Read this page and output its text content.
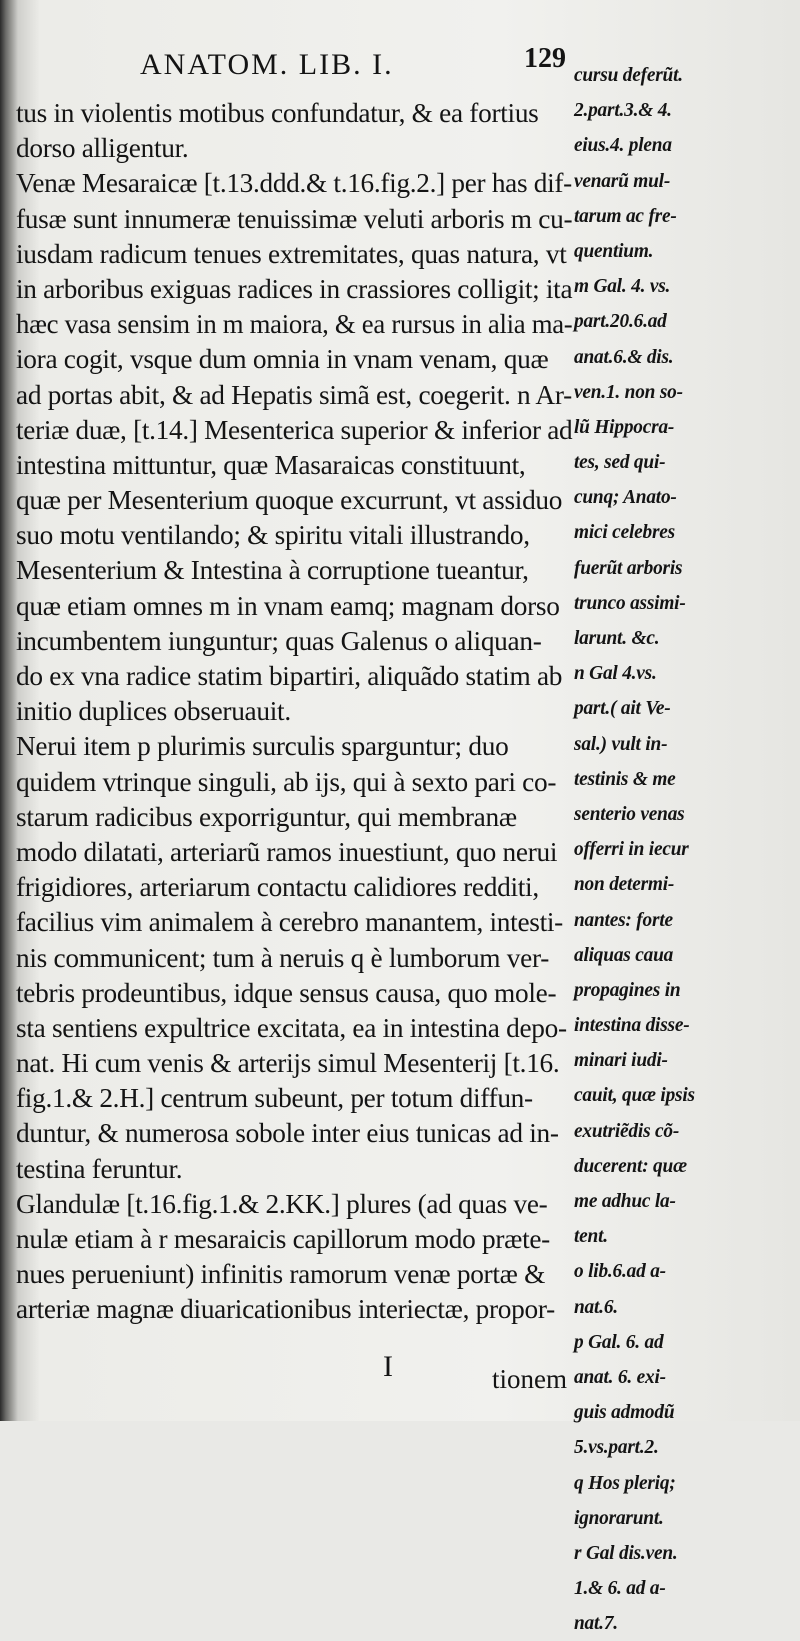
ANATOM. LIB. I.	129
tus in violentis motibus confundatur, & ea fortius
dorso alligentur.
Venæ Mesaraicæ [t.13.ddd.& t.16.fig.2.] per has dif-
fusæ sunt innumeræ tenuissimæ veluti arboris m cu-
iusdam radicum tenues extremitates, quas natura, vt
in arboribus exiguas radices in crassiores colligit; ita
hæc vasa sensim in m maiora, & ea rursus in alia ma-
iora cogit, vsque dum omnia in vnam venam, quæ
ad portas abit, & ad Hepatis simã est, coegerit. n Ar-
teriæ duæ, [t.14.] Mesenterica superior & inferior ad
intestina mittuntur, quæ Masaraicas constituunt,
quæ per Mesenterium quoque excurrunt, vt assiduo
suo motu ventilando; & spiritu vitali illustrando,
Mesenterium & Intestina à corruptione tueantur,
quæ etiam omnes m in vnam eamq; magnam dorso
incumbentem iunguntur; quas Galenus o aliquan-
do ex vna radice statim bipartiri, aliquãdo statim ab
initio duplices obseruauit.
Nerui item p plurimis surculis sparguntur; duo
quidem vtrinque singuli, ab ijs, qui à sexto pari co-
starum radicibus exporriguntur, qui membranæ
modo dilatati, arteriarũ ramos inuestiunt, quo nerui
frigidiores, arteriarum contactu calidiores redditi,
facilius vim animalem à cerebro manantem, intesti-
nis communicent; tum à neruis q è lumborum ver-
tebris prodeuntibus, idque sensus causa, quo mole-
sta sentiens expultrice excitata, ea in intestina depo-
nat. Hi cum venis & arterijs simul Mesenterij [t.16.
fig.1.& 2.H.] centrum subeunt, per totum diffun-
duntur, & numerosa sobole inter eius tunicas ad in-
testina feruntur.
Glandulæ [t.16.fig.1.& 2.KK.] plures (ad quas ve-
nulæ etiam à r mesaraicis capillorum modo præte-
nues perueniunt) infinitis ramorum venæ portæ &
arteriæ magnæ diuaricationibus interiectæ, propor-
cursu deferũt.
2.part.3.& 4.
eius.4. plena
venarũ mul-
tarum ac fre-
quentium.
m Gal. 4. vs.
part.20.6.ad
anat.6.& dis.
ven.1. non so-
lũ Hippocra-
tes, sed qui-
cunq; Anato-
mici celebres
fuerũt arboris
trunco assimi-
larunt. &c.
n Gal 4.vs.
part.( ait Ve-
sal.) vult in-
testinis & me
senterio venas
offerri in iecur
non determi-
nantes: forte
aliquas caua
propagines in
intestina disse-
minari iudi-
cauit, quæ ipsis
exutriẽdis cõ-
ducerent: quæ
me adhuc la-
tent.
o lib.6.ad a-
nat.6.
p Gal. 6. ad
anat. 6. exi-
guis admodũ
5.vs.part.2.
q Hos pleriq;
ignorarunt.
r Gal dis.ven.
1.& 6. ad a-
nat.7.
I	tionem
